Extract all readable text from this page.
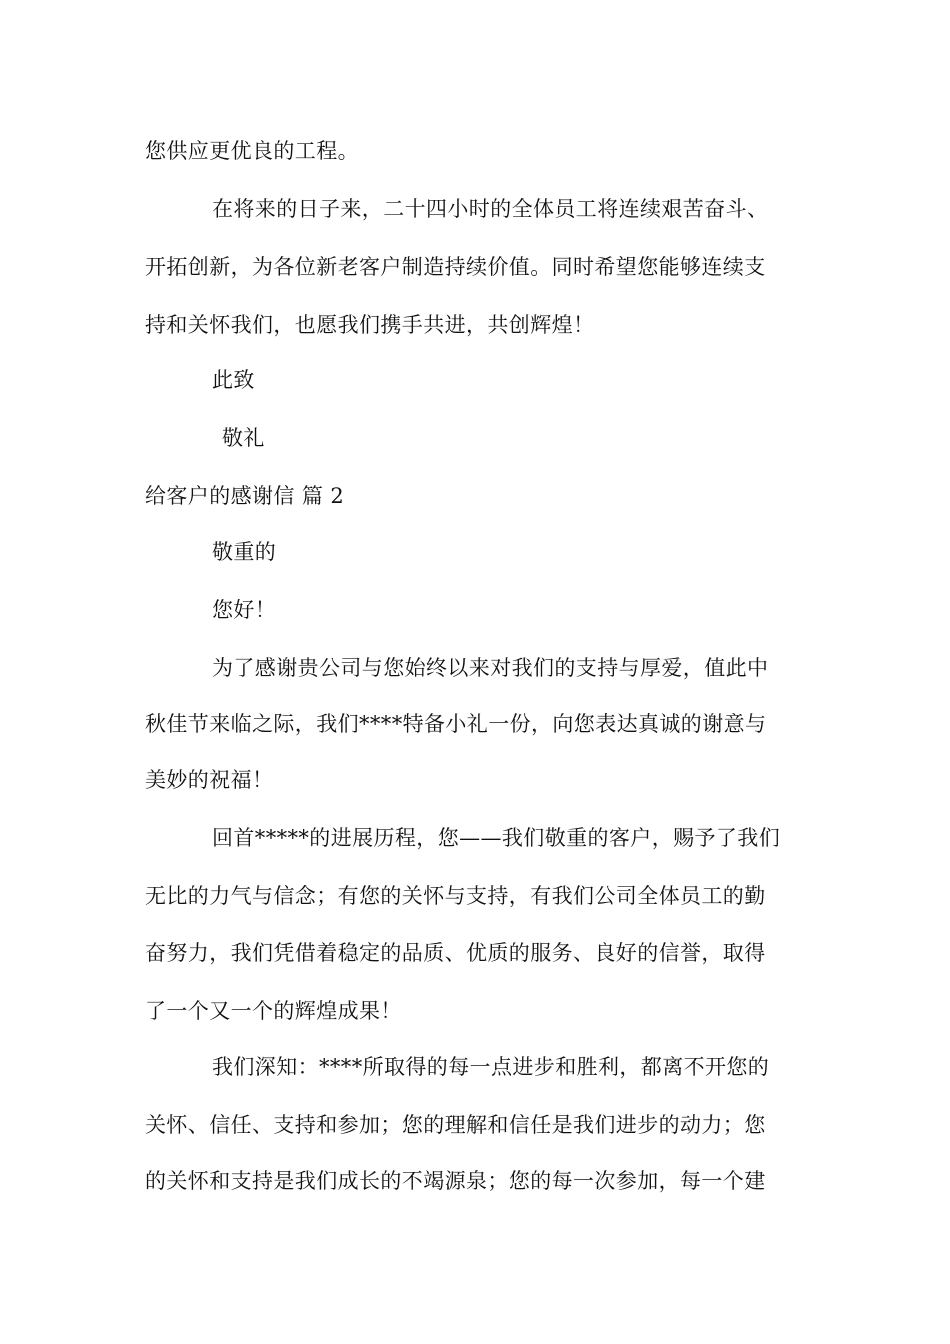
您供应更优良的工程。
在将来的日子来，二十四小时的全体员工将连续艰苦奋斗、
开拓创新，为各位新老客户制造持续价值。同时希望您能够连续支
持和关怀我们，也愿我们携手共进，共创辉煌！
此致
敬礼
给客户的感谢信 篇 2
敬重的
您好！
为了感谢贵公司与您始终以来对我们的支持与厚爱，值此中
秋佳节来临之际，我们****特备小礼一份，向您表达真诚的谢意与
美妙的祝福！
回首*****的进展历程，您——我们敬重的客户，赐予了我们
无比的力气与信念；有您的关怀与支持，有我们公司全体员工的勤
奋努力，我们凭借着稳定的品质、优质的服务、良好的信誉，取得
了一个又一个的辉煌成果！
我们深知：****所取得的每一点进步和胜利，都离不开您的
关怀、信任、支持和参加；您的理解和信任是我们进步的动力；您
的关怀和支持是我们成长的不竭源泉；您的每一次参加，每一个建
